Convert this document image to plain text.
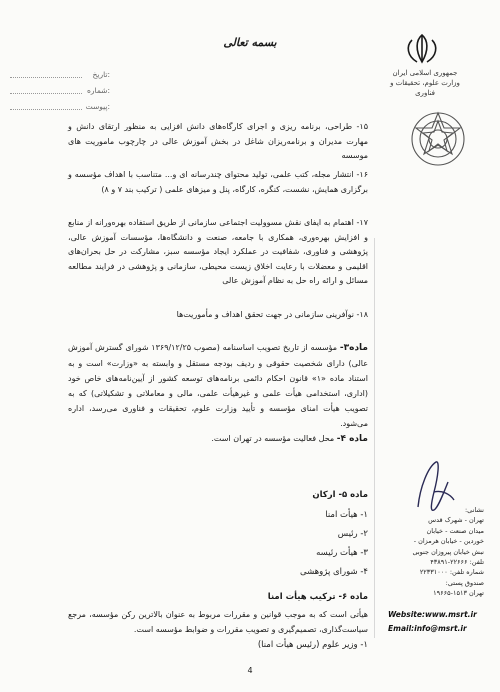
تاریخ:
شماره:
پیوست:
بسمه تعالی
جمهوری اسلامی ایران
وزارت علوم، تحقیقات و فناوری

۱۵- طراحی، برنامه ریزی و اجرای کارگاه‌های دانش افزایی به منظور ارتقای دانش و مهارت مدیران و برنامه‌ریزان شاغل در بخش آموزش عالی در چارچوب ماموریت های موسسه

۱۶- انتشار مجله، کتب علمی، تولید محتوای چندرسانه ای و... متناسب با اهداف مؤسسه و برگزاری همایش، نشست، کنگره، کارگاه، پنل و میزهای علمی ( ترکیب بند ۷ و ۸)

۱۷- اهتمام به ایفای نقش مسوولیت اجتماعی سازمانی از طریق استفاده بهره‌ورانه از منابع و افزایش بهره‌وری، همکاری با جامعه، صنعت و دانشگاه‌ها، مؤسسات آموزش عالی، پژوهشی و فناوری، شفافیت در عملکرد ایجاد مؤسسه سبز، مشارکت در حل بحران‌های اقلیمی و معضلات با رعایت اخلاق زیست محیطی، سازمانی و پژوهشی در فرایند مطالعه مسائل و ارائه راه حل به نظام آموزش عالی

۱۸- نوآفرینی سازمانی در جهت تحقق اهداف و مأموریت‌ها

ماده۳- مؤسسه از تاریخ تصویب اساسنامه (مصوب ۱۳۶۹/۱۲/۲۵ شورای گسترش آموزش عالی) دارای شخصیت حقوقی و ردیف بودجه مستقل و وابسته به «وزارت» است و به استناد ماده «۱» قانون احکام دائمی برنامه‌های توسعه کشور از آیین‌نامه‌های خاص خود (اداری، استخدامی هیأت علمی و غیرهیأت علمی، مالی و معاملاتی و تشکیلاتی) که به تصویب هیأت امنای مؤسسه و تأیید وزارت علوم، تحقیقات و فناوری می‌رسد، اداره می‌شود.

ماده ۴- محل فعالیت مؤسسه در تهران است.

ماده ۵- ارکان
۱- هیأت امنا
۲- رئیس
۳- هیأت رئیسه
۴- شورای پژوهشی
ماده ۶- ترکیب هیأت امنا

هیأتی است که به موجب قوانین و مقررات مربوط به عنوان بالاترین رکن مؤسسه، مرجع سیاست‌گذاری، تصمیم‌گیری و تصویب مقررات و ضوابط مؤسسه است.

۱- وزیر علوم (رئیس هیأت امنا)
نشانی:
تهران - شهرک قدس
میدان صنعت - خیابان
خوردین - خیابان هرمزان -
نبش خیابان پیروزان جنوبی
تلفن: ۲۲۶۶۶-۴۳۸۹۱
شماره تلفن: ۲۲۳۳۱۰۰۰
صندوق پستی:
تهران ۱۵۱۳-۱۹۶۶۵
Website:www.msrt.ir
Email:info@msrt.ir
4
